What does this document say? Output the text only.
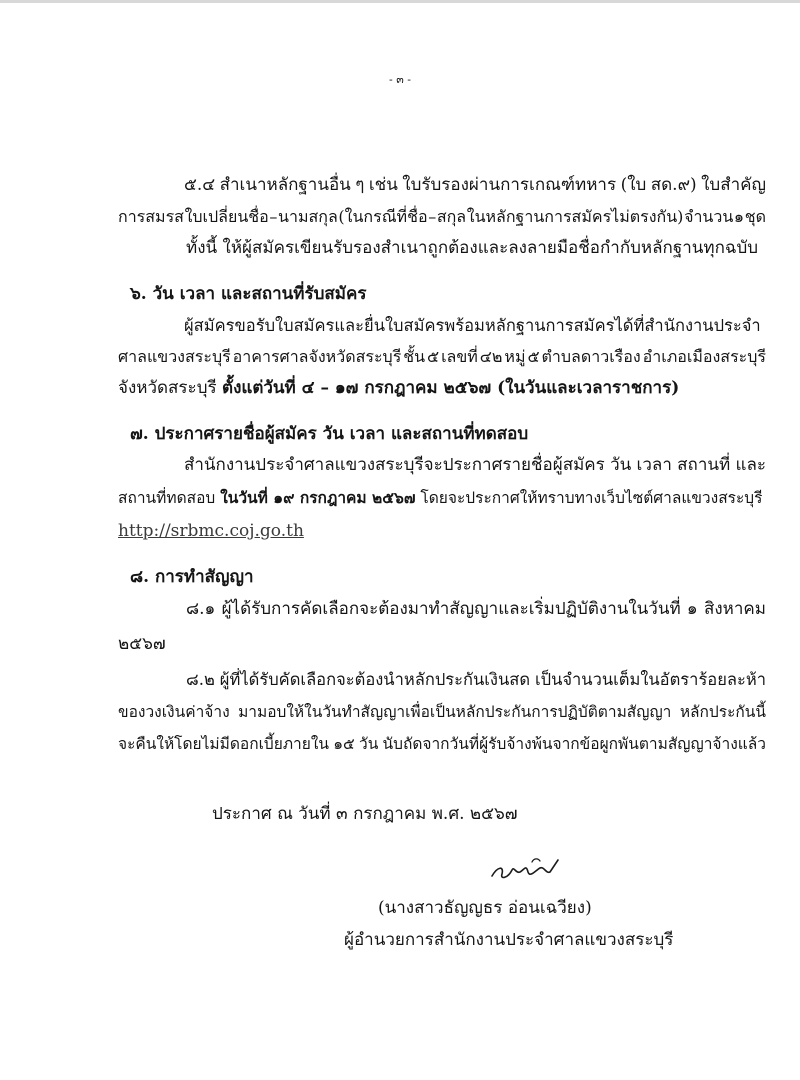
- ๓ -
๕.๔ สำเนาหลักฐานอื่น ๆ เช่น ใบรับรองผ่านการเกณฑ์ทหาร (ใบ สด.๙) ใบสำคัญ
การสมรส ใบเปลี่ยนชื่อ – นามสกุล (ในกรณีที่ชื่อ – สกุล ในหลักฐานการสมัครไม่ตรงกัน) จำนวน ๑ ชุด
ทั้งนี้ ให้ผู้สมัครเขียนรับรองสำเนาถูกต้องและลงลายมือชื่อกำกับหลักฐานทุกฉบับ
๖. วัน เวลา และสถานที่รับสมัคร
ผู้สมัครขอรับใบสมัครและยื่นใบสมัครพร้อมหลักฐานการสมัครได้ที่สำนักงานประจำ
ศาลแขวงสระบุรี อาคารศาลจังหวัดสระบุรี ชั้น ๕ เลขที่ ๔๒ หมู่ ๕ ตำบลดาวเรือง อำเภอเมืองสระบุรี
จังหวัดสระบุรี ตั้งแต่วันที่ ๔ – ๑๗ กรกฎาคม ๒๕๖๗ (ในวันและเวลาราชการ)
๗. ประกาศรายชื่อผู้สมัคร วัน เวลา และสถานที่ทดสอบ
สำนักงานประจำศาลแขวงสระบุรีจะประกาศรายชื่อผู้สมัคร วัน เวลา สถานที่ และ
สถานที่ทดสอบ ในวันที่ ๑๙ กรกฎาคม ๒๕๖๗ โดยจะประกาศให้ทราบทางเว็บไซต์ศาลแขวงสระบุรี
http://srbmc.coj.go.th
๘. การทำสัญญา
๘.๑ ผู้ได้รับการคัดเลือกจะต้องมาทำสัญญาและเริ่มปฏิบัติงานในวันที่ ๑ สิงหาคม
๒๕๖๗
๘.๒ ผู้ที่ได้รับคัดเลือกจะต้องนำหลักประกันเงินสด เป็นจำนวนเต็มในอัตราร้อยละห้า
ของวงเงินค่าจ้าง มามอบให้ในวันทำสัญญาเพื่อเป็นหลักประกันการปฏิบัติตามสัญญา หลักประกันนี้
จะคืนให้โดยไม่มีดอกเบี้ยภายใน ๑๕ วัน นับถัดจากวันที่ผู้รับจ้างพ้นจากข้อผูกพันตามสัญญาจ้างแล้ว
ประกาศ ณ วันที่ ๓ กรกฎาคม พ.ศ. ๒๕๖๗
(นางสาวธัญญธร อ่อนเฉวียง)
ผู้อำนวยการสำนักงานประจำศาลแขวงสระบุรี
